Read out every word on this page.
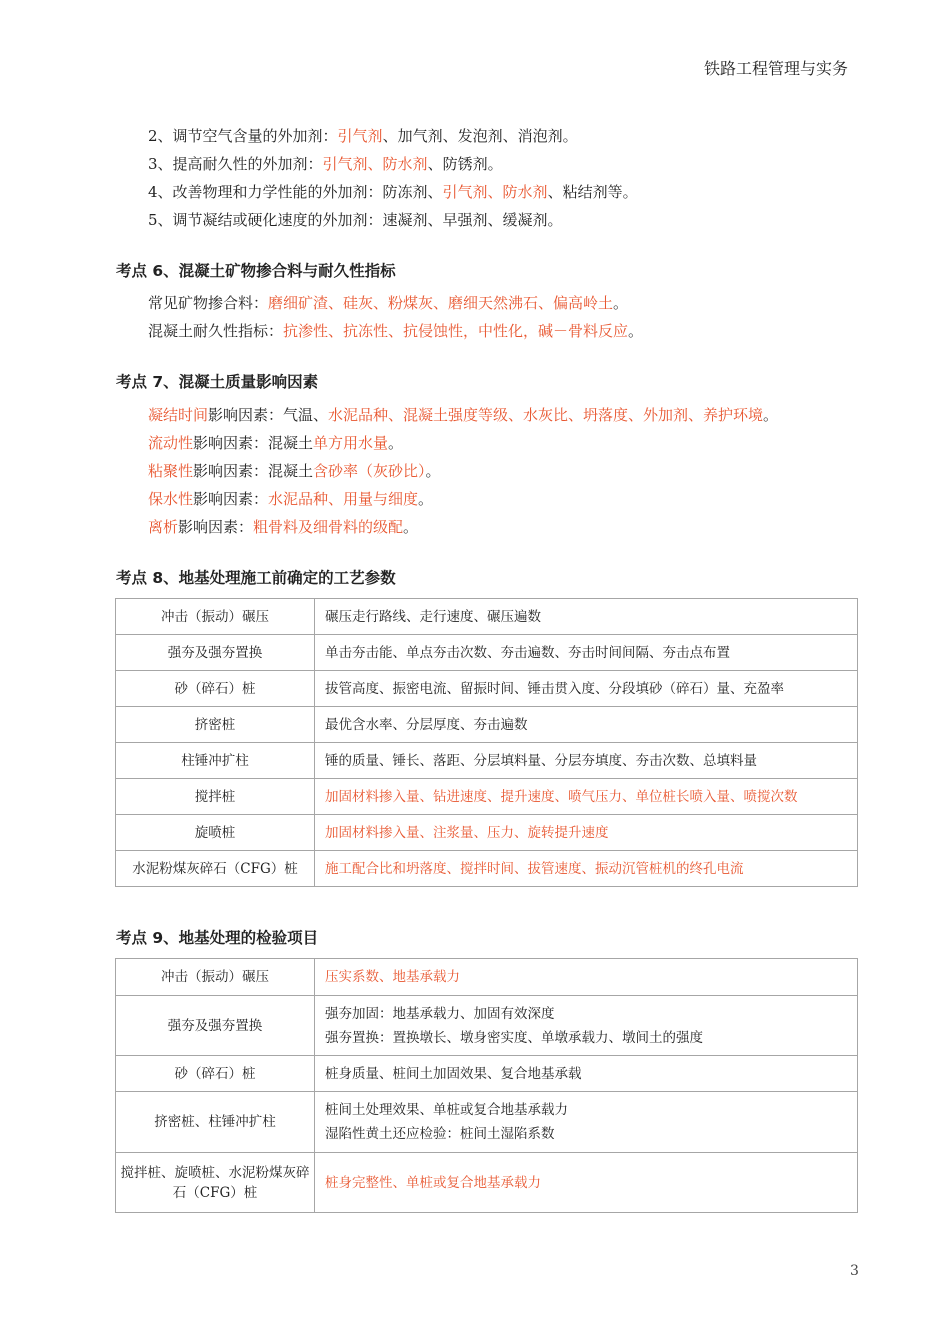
铁路工程管理与实务
2、调节空气含量的外加剂：引气剂、加气剂、发泡剂、消泡剂。
3、提高耐久性的外加剂：引气剂、防水剂、防锈剂。
4、改善物理和力学性能的外加剂：防冻剂、引气剂、防水剂、粘结剂等。
5、调节凝结或硬化速度的外加剂：速凝剂、早强剂、缓凝剂。
考点 6、混凝土矿物掺合料与耐久性指标
常见矿物掺合料：磨细矿渣、硅灰、粉煤灰、磨细天然沸石、偏高岭土。
混凝土耐久性指标：抗渗性、抗冻性、抗侵蚀性，中性化，碱－骨料反应。
考点 7、混凝土质量影响因素
凝结时间影响因素：气温、水泥品种、混凝土强度等级、水灰比、坍落度、外加剂、养护环境。
流动性影响因素：混凝土单方用水量。
粘聚性影响因素：混凝土含砂率（灰砂比）。
保水性影响因素：水泥品种、用量与细度。
离析影响因素：粗骨料及细骨料的级配。
考点 8、地基处理施工前确定的工艺参数
冲击（振动）碾压	碾压走行路线、走行速度、碾压遍数

强夯及强夯置换	单击夯击能、单点夯击次数、夯击遍数、夯击时间间隔、夯击点布置

砂（碎石）桩	拔管高度、振密电流、留振时间、锤击贯入度、分段填砂（碎石）量、充盈率

挤密桩	最优含水率、分层厚度、夯击遍数

柱锤冲扩柱	锤的质量、锤长、落距、分层填料量、分层夯填度、夯击次数、总填料量

搅拌桩	加固材料掺入量、钻进速度、提升速度、喷气压力、单位桩长喷入量、喷搅次数

旋喷桩	加固材料掺入量、注浆量、压力、旋转提升速度

水泥粉煤灰碎石（CFG）桩	施工配合比和坍落度、搅拌时间、拔管速度、振动沉管桩机的终孔电流
考点 9、地基处理的检验项目
冲击（振动）碾压	压实系数、地基承载力

强夯及强夯置换	强夯加固：地基承载力、加固有效深度
强夯置换：置换墩长、墩身密实度、单墩承载力、墩间土的强度

砂（碎石）桩	桩身质量、桩间土加固效果、复合地基承载

挤密桩、柱锤冲扩柱	桩间土处理效果、单桩或复合地基承载力
湿陷性黄土还应检验：桩间土湿陷系数

搅拌桩、旋喷桩、水泥粉煤灰碎石（CFG）桩	桩身完整性、单桩或复合地基承载力
3
